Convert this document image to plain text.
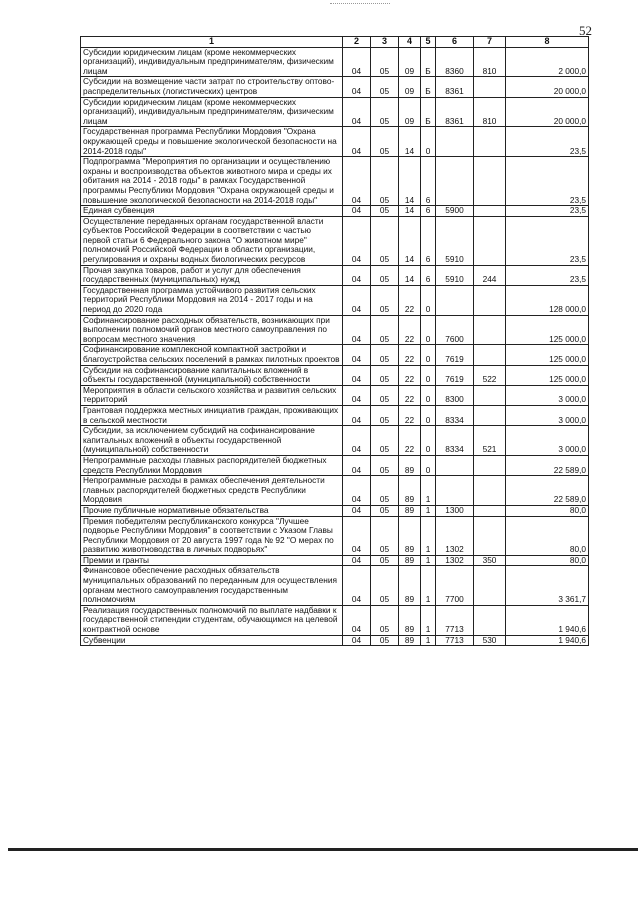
52
1	2	3	4	5	6	7	8
Субсидии юридическим лицам (кроме некоммерческих организаций), индивидуальным предпринимателям, физическим лицам	04	05	09	Б	8360	810	2 000,0
Субсидии на возмещение части затрат по строительству оптово-распределительных (логистических) центров	04	05	09	Б	8361		20 000,0
Субсидии юридическим лицам (кроме некоммерческих организаций), индивидуальным предпринимателям, физическим лицам	04	05	09	Б	8361	810	20 000,0
Государственная программа Республики Мордовия "Охрана окружающей среды и повышение экологической безопасности на 2014-2018 годы"	04	05	14	0			23,5
Подпрограмма "Мероприятия по организации и осуществлению охраны и воспроизводства объектов животного мира и среды их обитания на 2014 - 2018 годы" в рамках Государственной программы Республики Мордовия "Охрана окружающей среды и повышение экологической безопасности на 2014-2018 годы"	04	05	14	6			23,5
Единая субвенция	04	05	14	6	5900		23,5
Осуществление переданных органам государственной власти субъектов Российской Федерации в соответствии с частью первой статьи 6 Федерального закона "О животном мире" полномочий Российской Федерации в области организации, регулирования и охраны водных биологических ресурсов	04	05	14	6	5910		23,5
Прочая закупка товаров, работ и услуг для обеспечения государственных (муниципальных) нужд	04	05	14	6	5910	244	23,5
Государственная программа устойчивого развития сельских территорий Республики Мордовия на 2014 - 2017 годы и на период до 2020 года	04	05	22	0			128 000,0
Софинансирование расходных обязательств, возникающих при выполнении полномочий органов местного самоуправления по вопросам местного значения	04	05	22	0	7600		125 000,0
Софинансирование комплексной компактной застройки и благоустройства сельских поселений в рамках пилотных проектов	04	05	22	0	7619		125 000,0
Субсидии на софинансирование капитальных вложений в объекты государственной (муниципальной) собственности	04	05	22	0	7619	522	125 000,0
Мероприятия в области сельского хозяйства и развития сельских территорий	04	05	22	0	8300		3 000,0
Грантовая поддержка местных инициатив граждан, проживающих в сельской местности	04	05	22	0	8334		3 000,0
Субсидии, за исключением субсидий на софинансирование капитальных вложений в объекты государственной (муниципальной) собственности	04	05	22	0	8334	521	3 000,0
Непрограммные расходы главных распорядителей бюджетных средств Республики Мордовия	04	05	89	0			22 589,0
Непрограммные расходы в рамках обеспечения деятельности главных распорядителей бюджетных средств Республики Мордовия	04	05	89	1			22 589,0
Прочие публичные нормативные обязательства	04	05	89	1	1300		80,0
Премия победителям республиканского конкурса "Лучшее подворье Республики Мордовия" в соответствии с Указом Главы Республики Мордовия от 20 августа 1997 года № 92 "О мерах по развитию животноводства в личных подворьях"	04	05	89	1	1302		80,0
Премии и гранты	04	05	89	1	1302	350	80,0
Финансовое обеспечение расходных обязательств муниципальных образований по переданным для осуществления органам местного самоуправления государственным полномочиям	04	05	89	1	7700		3 361,7
Реализация государственных полномочий по выплате надбавки к государственной стипендии студентам, обучающимся на целевой контрактной основе	04	05	89	1	7713		1 940,6
Субвенции	04	05	89	1	7713	530	1 940,6
